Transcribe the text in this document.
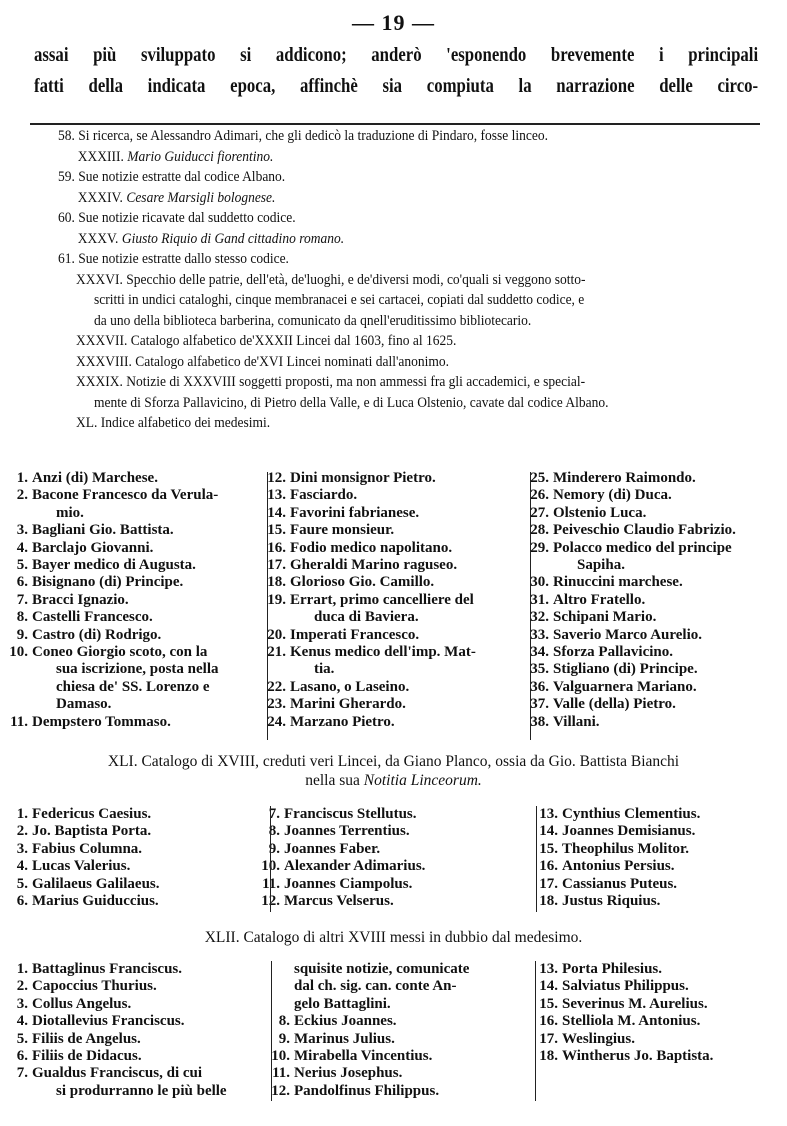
— 19 —
assai più sviluppato si addicono; anderò 'esponendo brevemente i principali
fatti della indicata epoca, affinchè sia compiuta la narrazione delle circo-
58. Si ricerca, se Alessandro Adimari, che gli dedicò la traduzione di Pindaro, fosse linceo.
XXXIII. Mario Guiducci fiorentino.
59. Sue notizie estratte dal codice Albano.
XXXIV. Cesare Marsigli bolognese.
60. Sue notizie ricavate dal suddetto codice.
XXXV. Giusto Riquio di Gand cittadino romano.
61. Sue notizie estratte dallo stesso codice.
XXXVI. Specchio delle patrie, dell'età, de'luoghi, e de'diversi modi, co'quali si veggono sotto-
scritti in undici cataloghi, cinque membranacei e sei cartacei, copiati dal suddetto codice, e
da uno della biblioteca barberina, comunicato da qnell'eruditissimo bibliotecario.
XXXVII. Catalogo alfabetico de'XXXII Lincei dal 1603, fino al 1625.
XXXVIII. Catalogo alfabetico de'XVI Lincei nominati dall'anonimo.
XXXIX. Notizie di XXXVIII soggetti proposti, ma non ammessi fra gli accademici, e special-
mente di Sforza Pallavicino, di Pietro della Valle, e di Luca Olstenio, cavate dal codice Albano.
XL. Indice alfabetico dei medesimi.
1. Anzi (di) Marchese.
2. Bacone Francesco da Verula-
mio.
3. Bagliani Gio. Battista.
4. Barclajo Giovanni.
5. Bayer medico di Augusta.
6. Bisignano (di) Principe.
7. Bracci Ignazio.
8. Castelli Francesco.
9. Castro (di) Rodrigo.
10. Coneo Giorgio scoto, con la
sua iscrizione, posta nella
chiesa de' SS. Lorenzo e
Damaso.
11. Dempstero Tommaso.
12. Dini monsignor Pietro.
13. Fasciardo.
14. Favorini fabrianese.
15. Faure monsieur.
16. Fodio medico napolitano.
17. Gheraldi Marino raguseo.
18. Glorioso Gio. Camillo.
19. Errart, primo cancelliere del
duca di Baviera.
20. Imperati Francesco.
21. Kenus medico dell'imp. Mat-
tia.
22. Lasano, o Laseino.
23. Marini Gherardo.
24. Marzano Pietro.
25. Minderero Raimondo.
26. Nemory (di) Duca.
27. Olstenio Luca.
28. Peiveschio Claudio Fabrizio.
29. Polacco medico del principe
Sapiha.
30. Rinuccini marchese.
31. Altro Fratello.
32. Schipani Mario.
33. Saverio Marco Aurelio.
34. Sforza Pallavicino.
35. Stigliano (di) Principe.
36. Valguarnera Mariano.
37. Valle (della) Pietro.
38. Villani.
XLI. Catalogo di XVIII, creduti veri Lincei, da Giano Planco, ossia da Gio. Battista Bianchi
nella sua Notitia Linceorum.
1. Federicus Caesius.
2. Jo. Baptista Porta.
3. Fabius Columna.
4. Lucas Valerius.
5. Galilaeus Galilaeus.
6. Marius Guiduccius.
7. Franciscus Stellutus.
8. Joannes Terrentius.
9. Joannes Faber.
10. Alexander Adimarius.
11. Joannes Ciampolus.
12. Marcus Velserus.
13. Cynthius Clementius.
14. Joannes Demisianus.
15. Theophilus Molitor.
16. Antonius Persius.
17. Cassianus Puteus.
18. Justus Riquius.
XLII. Catalogo di altri XVIII messi in dubbio dal medesimo.
1. Battaglinus Franciscus.
2. Capoccius Thurius.
3. Collus Angelus.
4. Diotallevius Franciscus.
5. Filiis de Angelus.
6. Filiis de Didacus.
7. Gualdus Franciscus, di cui
si produrranno le più belle
squisite notizie, comunicate
dal ch. sig. can. conte An-
gelo Battaglini.
8. Eckius Joannes.
9. Marinus Julius.
10. Mirabella Vincentius.
11. Nerius Josephus.
12. Pandolfinus Fhilippus.
13. Porta Philesius.
14. Salviatus Philippus.
15. Severinus M. Aurelius.
16. Stelliola M. Antonius.
17. Weslingius.
18. Wintherus Jo. Baptista.
